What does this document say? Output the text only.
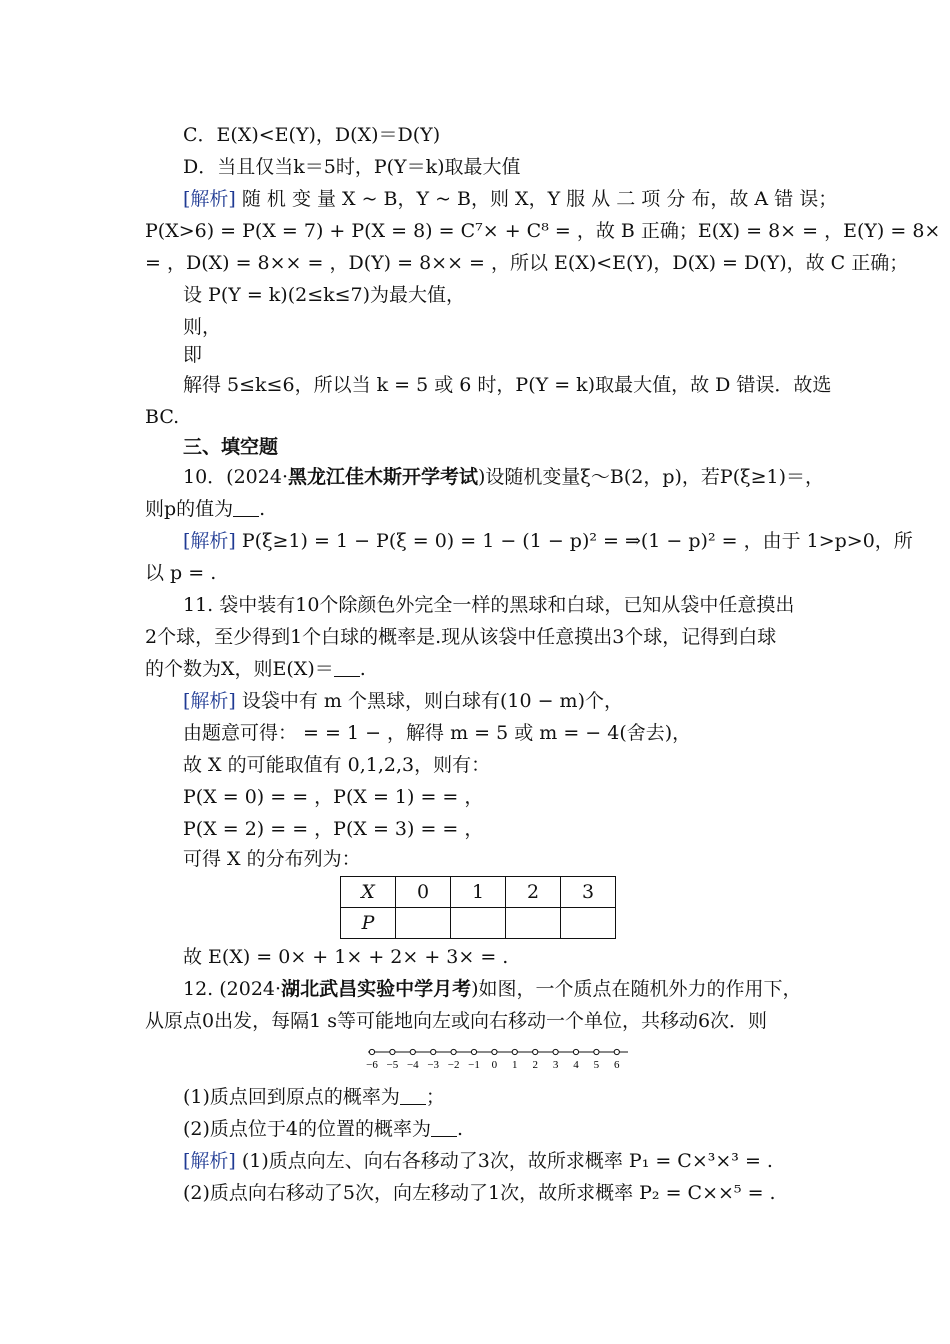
C．E(X)<E(Y)，D(X)＝D(Y)
D．当且仅当k＝5时，P(Y＝k)取最大值
[解析] 随 机 变 量 X ~ B，Y ~ B，则 X，Y 服 从 二 项 分 布，故 A 错 误；
P(X>6) = P(X = 7) + P(X = 8) = C⁷× + C⁸ = ，故 B 正确；E(X) = 8× = ，E(Y) = 8×
= ，D(X) = 8×× = ，D(Y) = 8×× = ，所以 E(X)<E(Y)，D(X) = D(Y)，故 C 正确；
设 P(Y = k)(2≤k≤7)为最大值，
则，
即
解得 5≤k≤6，所以当 k = 5 或 6 时，P(Y = k)取最大值，故 D 错误．故选
BC.
三、填空题
10．(2024·黑龙江佳木斯开学考试)设随机变量ξ～B(2，p)，若P(ξ≥1)＝，
则p的值为 .
[解析] P(ξ≥1) = 1 − P(ξ = 0) = 1 − (1 − p)² = ⇒(1 − p)² = ，由于 1>p>0，所
以 p = .
11. 袋中装有10个除颜色外完全一样的黑球和白球，已知从袋中任意摸出
2个球，至少得到1个白球的概率是.现从该袋中任意摸出3个球，记得到白球
的个数为X，则E(X)＝ .
[解析] 设袋中有 m 个黑球，则白球有(10 − m)个，
由题意可得： = = 1 − ，解得 m = 5 或 m = − 4(舍去)，
故 X 的可能取值有 0,1,2,3，则有：
P(X = 0) = = ，P(X = 1) = = ，
P(X = 2) = = ，P(X = 3) = = ，
可得 X 的分布列为：
X	0	1	2	3
P				
故 E(X) = 0× + 1× + 2× + 3× = .
12. (2024·湖北武昌实验中学月考)如图，一个质点在随机外力的作用下，
从原点0出发，每隔1 s等可能地向左或向右移动一个单位，共移动6次．则
−6 −5 −4 −3 −2 −1 0 1 2 3 4 5 6
(1)质点回到原点的概率为 ；
(2)质点位于4的位置的概率为 .
[解析] (1)质点向左、向右各移动了3次，故所求概率 P₁ = C×³×³ = .
(2)质点向右移动了5次，向左移动了1次，故所求概率 P₂ = C××⁵ = .
